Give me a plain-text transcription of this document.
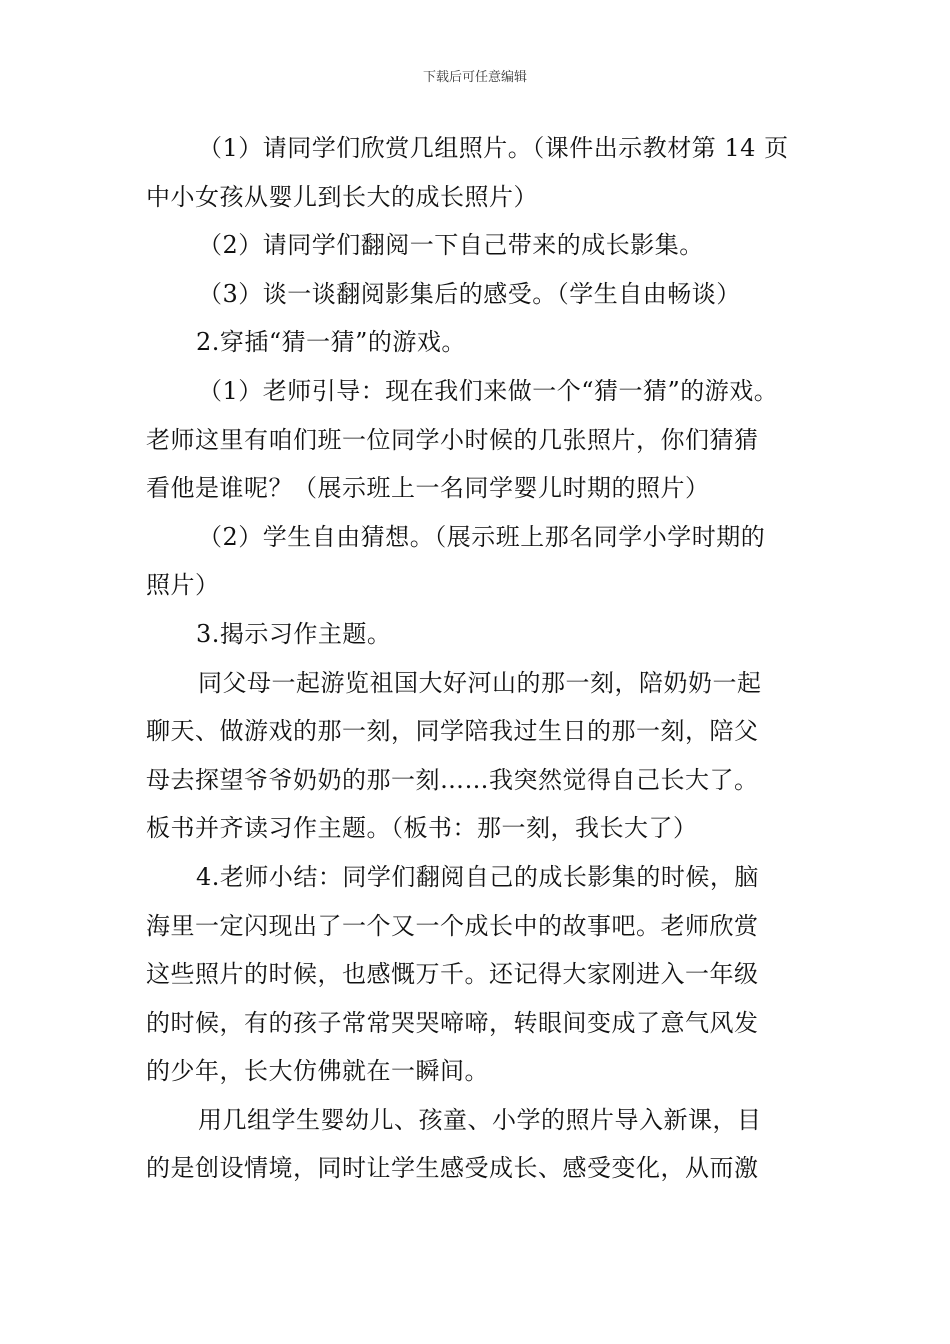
下载后可任意编辑
（1）请同学们欣赏几组照片。（课件出示教材第 14 页
中小女孩从婴儿到长大的成长照片）
（2）请同学们翻阅一下自己带来的成长影集。
（3）谈一谈翻阅影集后的感受。（学生自由畅谈）
2.穿插“猜一猜”的游戏。
（1）老师引导：现在我们来做一个“猜一猜”的游戏。
老师这里有咱们班一位同学小时候的几张照片，你们猜猜
看他是谁呢？（展示班上一名同学婴儿时期的照片）
（2）学生自由猜想。（展示班上那名同学小学时期的
照片）
3.揭示习作主题。
同父母一起游览祖国大好河山的那一刻，陪奶奶一起
聊天、做游戏的那一刻，同学陪我过生日的那一刻，陪父
母去探望爷爷奶奶的那一刻……我突然觉得自己长大了。
板书并齐读习作主题。（板书：那一刻，我长大了）
4.老师小结：同学们翻阅自己的成长影集的时候，脑
海里一定闪现出了一个又一个成长中的故事吧。老师欣赏
这些照片的时候，也感慨万千。还记得大家刚进入一年级
的时候，有的孩子常常哭哭啼啼，转眼间变成了意气风发
的少年，长大仿佛就在一瞬间。
用几组学生婴幼儿、孩童、小学的照片导入新课，目
的是创设情境，同时让学生感受成长、感受变化，从而激
